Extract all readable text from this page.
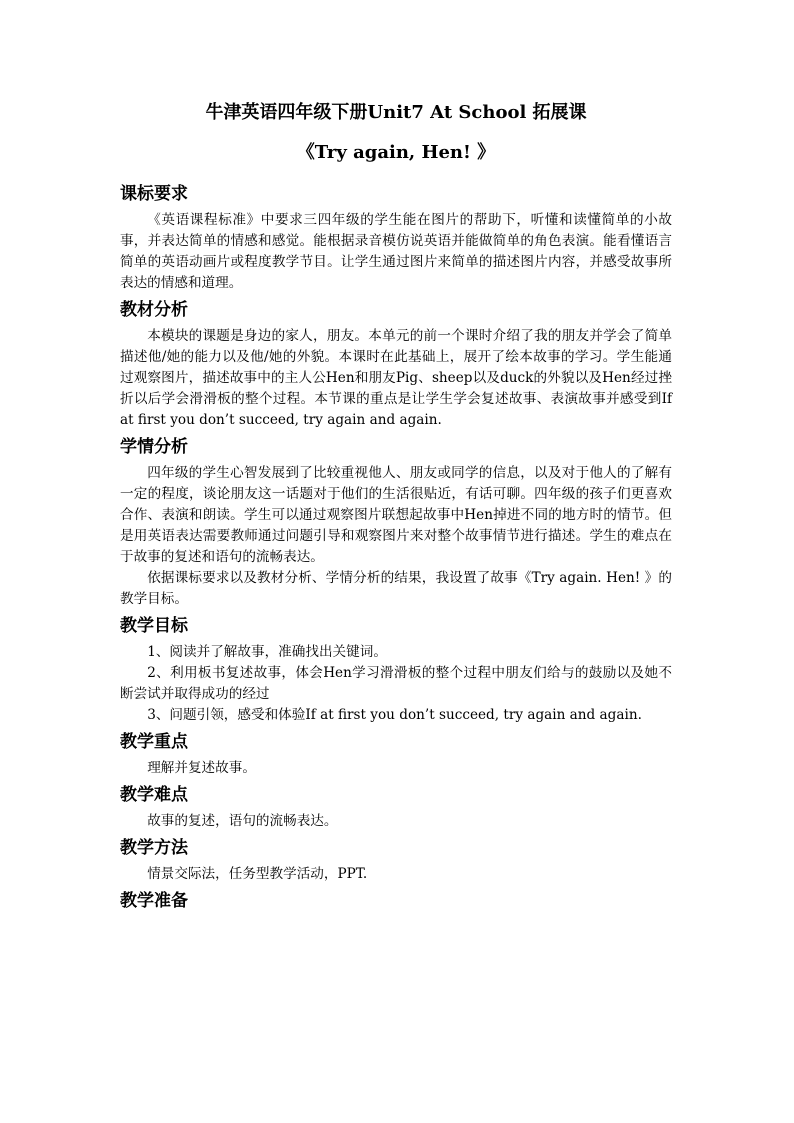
牛津英语四年级下册Unit7 At School 拓展课
《Try again, Hen! 》
课标要求

《英语课程标准》中要求三四年级的学生能在图片的帮助下，听懂和读懂简单的小故事，并表达简单的情感和感觉。能根据录音模仿说英语并能做简单的角色表演。能看懂语言简单的英语动画片或程度教学节目。让学生通过图片来简单的描述图片内容，并感受故事所表达的情感和道理。

教材分析

本模块的课题是身边的家人，朋友。本单元的前一个课时介绍了我的朋友并学会了简单描述他/她的能力以及他/她的外貌。本课时在此基础上，展开了绘本故事的学习。学生能通过观察图片，描述故事中的主人公Hen和朋友Pig、sheep以及duck的外貌以及Hen经过挫折以后学会滑滑板的整个过程。本节课的重点是让学生学会复述故事、表演故事并感受到If at first you don’t succeed, try again and again.

学情分析

四年级的学生心智发展到了比较重视他人、朋友或同学的信息，以及对于他人的了解有一定的程度，谈论朋友这一话题对于他们的生活很贴近，有话可聊。四年级的孩子们更喜欢合作、表演和朗读。学生可以通过观察图片联想起故事中Hen掉进不同的地方时的情节。但是用英语表达需要教师通过问题引导和观察图片来对整个故事情节进行描述。学生的难点在于故事的复述和语句的流畅表达。

依据课标要求以及教材分析、学情分析的结果，我设置了故事《Try again. Hen! 》的教学目标。

教学目标

1、阅读并了解故事，准确找出关键词。

2、利用板书复述故事，体会Hen学习滑滑板的整个过程中朋友们给与的鼓励以及她不断尝试并取得成功的经过

3、问题引领，感受和体验If at first you don’t succeed, try again and again.

教学重点

理解并复述故事。

教学难点

故事的复述，语句的流畅表达。

教学方法

情景交际法，任务型教学活动，PPT.

教学准备
